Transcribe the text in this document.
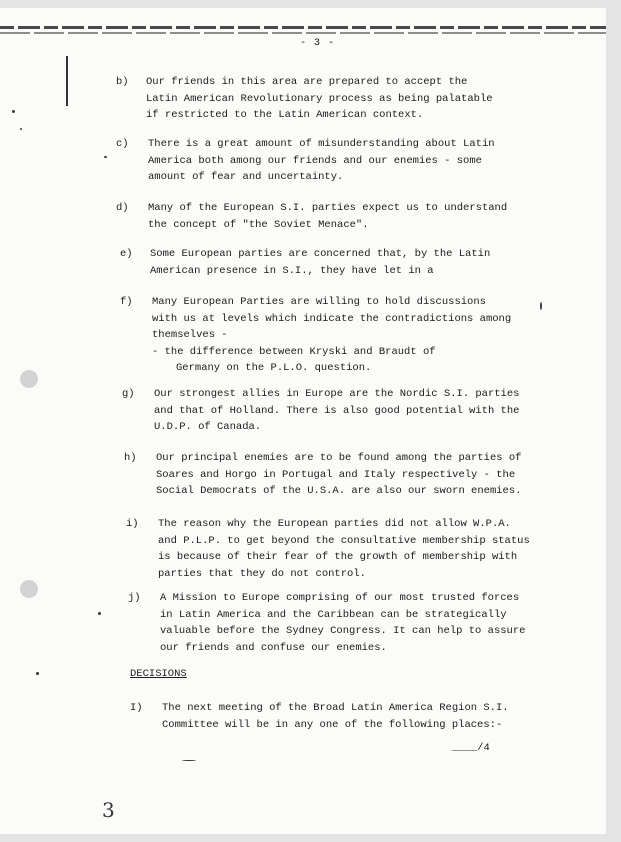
- 3 -
b) Our friends in this area are prepared to accept the
Latin American Revolutionary process as being palatable
if restricted to the Latin American context.
c) There is a great amount of misunderstanding about Latin
America both among our friends and our enemies - some
amount of fear and uncertainty.
d) Many of the European S.I. parties expect us to understand
the concept of "the Soviet Menace".
e) Some European parties are concerned that, by the Latin
American presence in S.I., they have let in a
f) Many European Parties are willing to hold discussions
with us at levels which indicate the contradictions among
themselves -
- the difference between Kryski and Braudt of
Germany on the P.L.O. question.
g) Our strongest allies in Europe are the Nordic S.I. parties
and that of Holland. There is also good potential with the
U.D.P. of Canada.
h) Our principal enemies are to be found among the parties of
Soares and Horgo in Portugal and Italy respectively - the
Social Democrats of the U.S.A. are also our sworn enemies.
i) The reason why the European parties did not allow W.P.A.
and P.L.P. to get beyond the consultative membership status
is because of their fear of the growth of membership with
parties that they do not control.
j) A Mission to Europe comprising of our most trusted forces
in Latin America and the Caribbean can be strategically
valuable before the Sydney Congress. It can help to assure
our friends and confuse our enemies.
DECISIONS
I) The next meeting of the Broad Latin America Region S.I.
Committee will be in any one of the following places:-
____/4
3
